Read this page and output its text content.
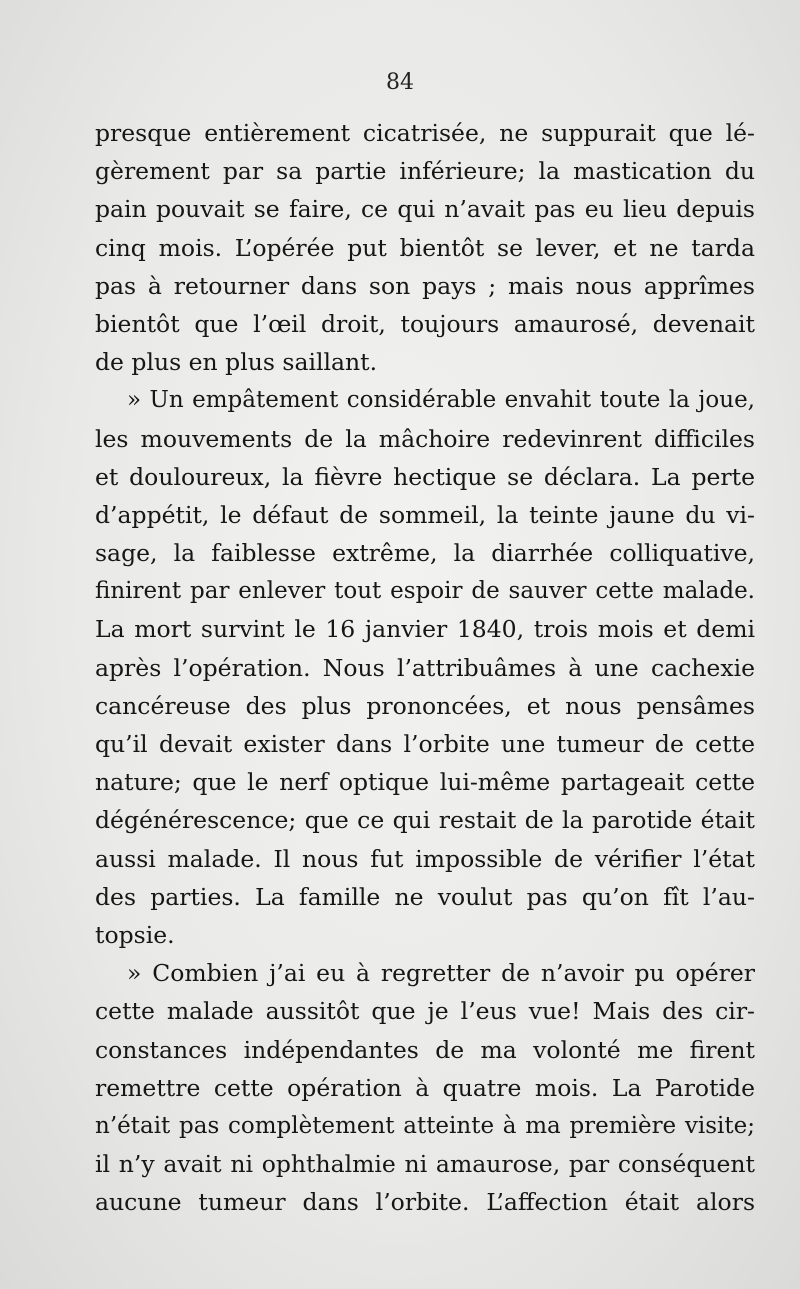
84
presque entièrement cicatrisée, ne suppurait que lé-
gèrement par sa partie inférieure; la mastication du
pain pouvait se faire, ce qui n’avait pas eu lieu depuis
cinq mois. L’opérée put bientôt se lever, et ne tarda
pas à retourner dans son pays ; mais nous apprîmes
bientôt que l’œil droit, toujours amaurosé, devenait
de plus en plus saillant.
» Un empâtement considérable envahit toute la joue,
les mouvements de la mâchoire redevinrent difficiles
et douloureux, la fièvre hectique se déclara. La perte
d’appétit, le défaut de sommeil, la teinte jaune du vi-
sage, la faiblesse extrême, la diarrhée colliquative,
finirent par enlever tout espoir de sauver cette malade.
La mort survint le 16 janvier 1840, trois mois et demi
après l’opération. Nous l’attribuâmes à une cachexie
cancéreuse des plus prononcées, et nous pensâmes
qu’il devait exister dans l’orbite une tumeur de cette
nature; que le nerf optique lui-même partageait cette
dégénérescence; que ce qui restait de la parotide était
aussi malade. Il nous fut impossible de vérifier l’état
des parties. La famille ne voulut pas qu’on fît l’au-
topsie.
» Combien j’ai eu à regretter de n’avoir pu opérer
cette malade aussitôt que je l’eus vue! Mais des cir-
constances indépendantes de ma volonté me firent
remettre cette opération à quatre mois. La Parotide
n’était pas complètement atteinte à ma première visite;
il n’y avait ni ophthalmie ni amaurose, par conséquent
aucune tumeur dans l’orbite. L’affection était alors
